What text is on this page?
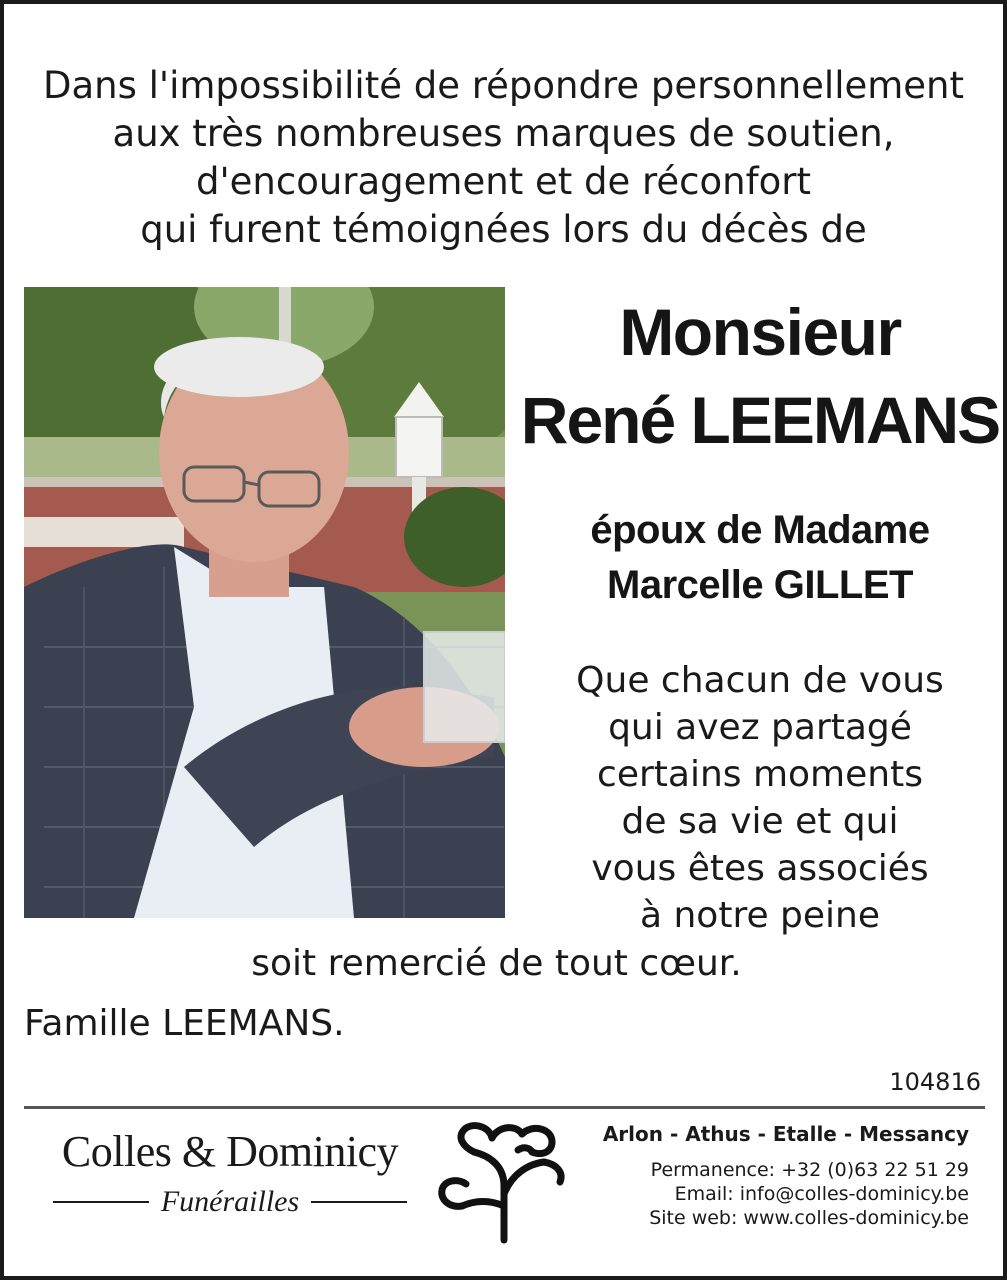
Dans l'impossibilité de répondre personnellement
aux très nombreuses marques de soutien,
d'encouragement et de réconfort
qui furent témoignées lors du décès de
Monsieur
René LEEMANS
époux de Madame
Marcelle GILLET
Que chacun de vous
qui avez partagé
certains moments
de sa vie et qui
vous êtes associés
à notre peine
soit remercié de tout cœur.
Famille LEEMANS.
104816
Colles & Dominicy
Funérailles
Arlon - Athus - Etalle - Messancy
Permanence: +32 (0)63 22 51 29
Email: info@colles-dominicy.be
Site web: www.colles-dominicy.be
